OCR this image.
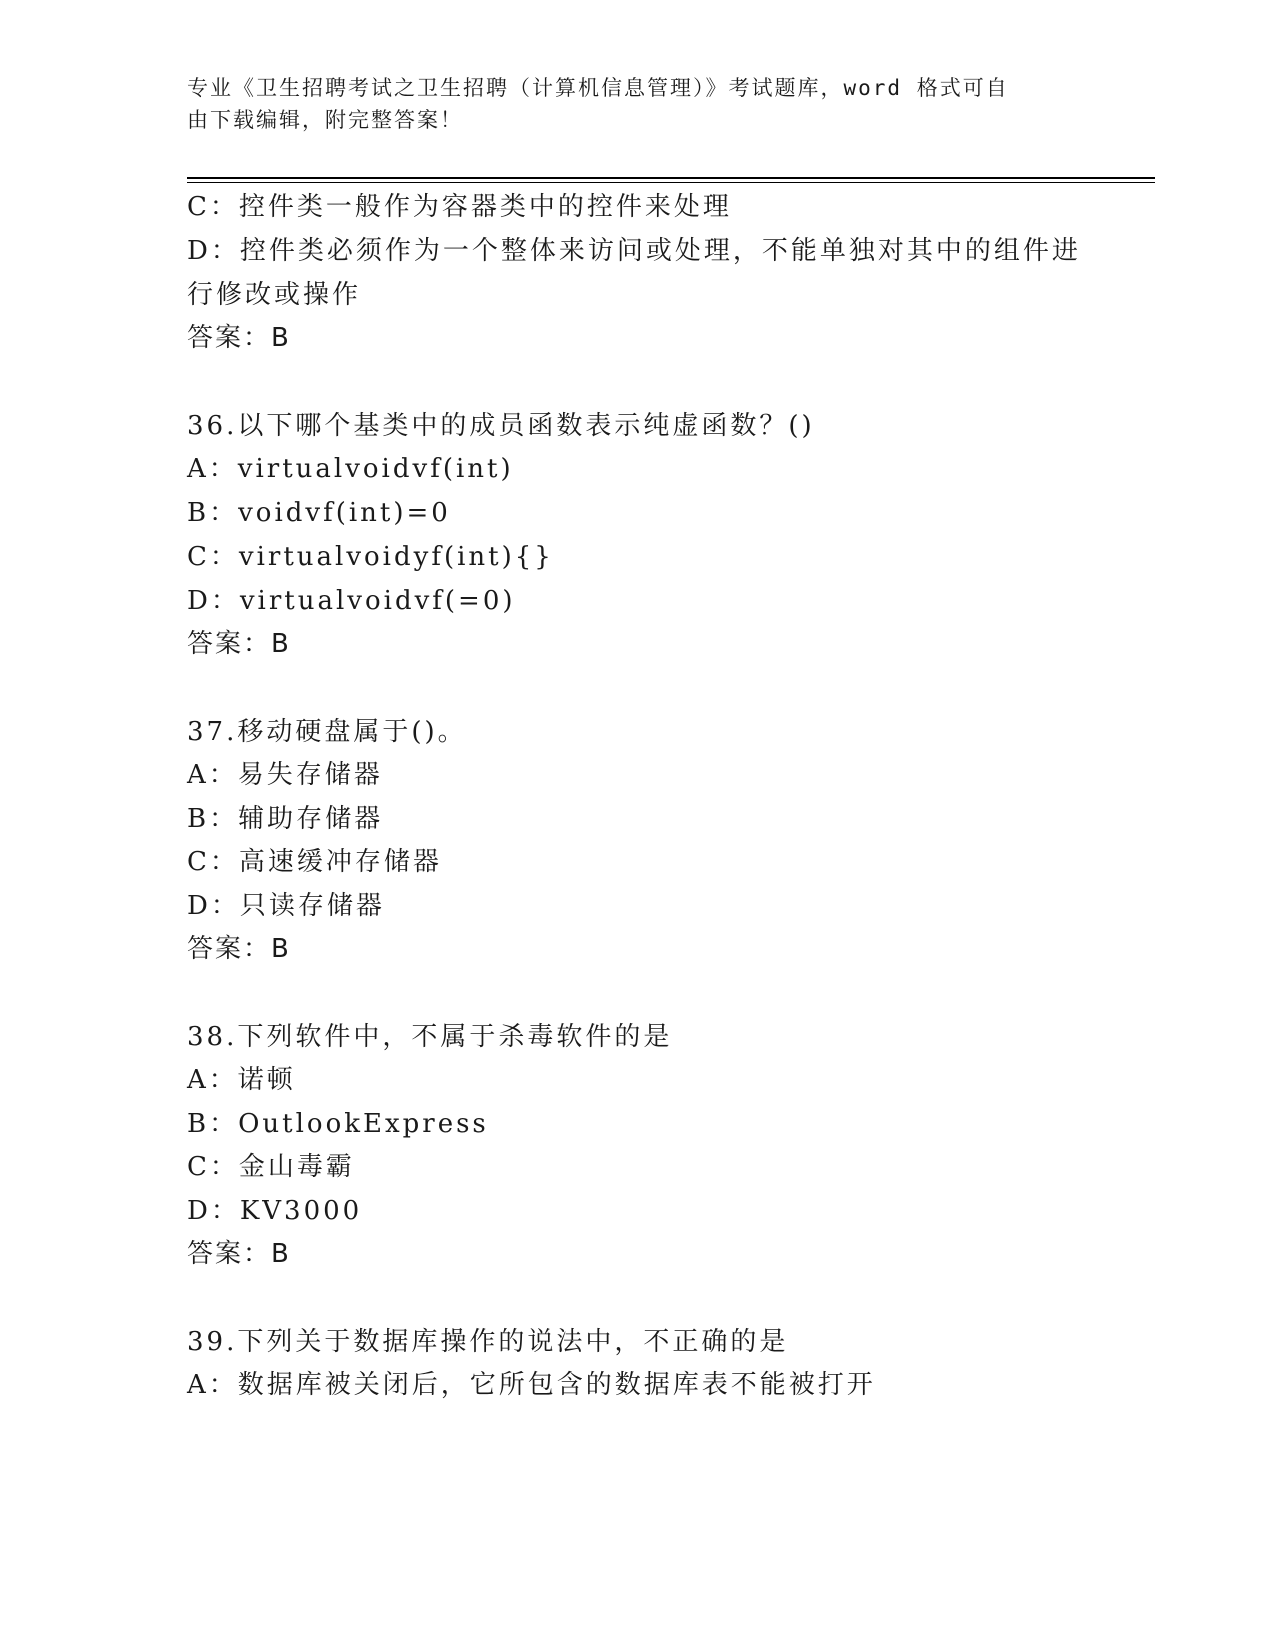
专业《卫生招聘考试之卫生招聘（计算机信息管理）》考试题库，word 格式可自
由下载编辑，附完整答案！
C：控件类一般作为容器类中的控件来处理
D：控件类必须作为一个整体来访问或处理，不能单独对其中的组件进
行修改或操作
答案：B
36.以下哪个基类中的成员函数表示纯虚函数？()
A：virtualvoidvf(int)
B：voidvf(int)=0
C：virtualvoidyf(int){}
D：virtualvoidvf(=0)
答案：B
37.移动硬盘属于()。
A：易失存储器
B：辅助存储器
C：高速缓冲存储器
D：只读存储器
答案：B
38.下列软件中，不属于杀毒软件的是
A：诺顿
B：OutlookExpress
C：金山毒霸
D：KV3000
答案：B
39.下列关于数据库操作的说法中，不正确的是
A：数据库被关闭后，它所包含的数据库表不能被打开
